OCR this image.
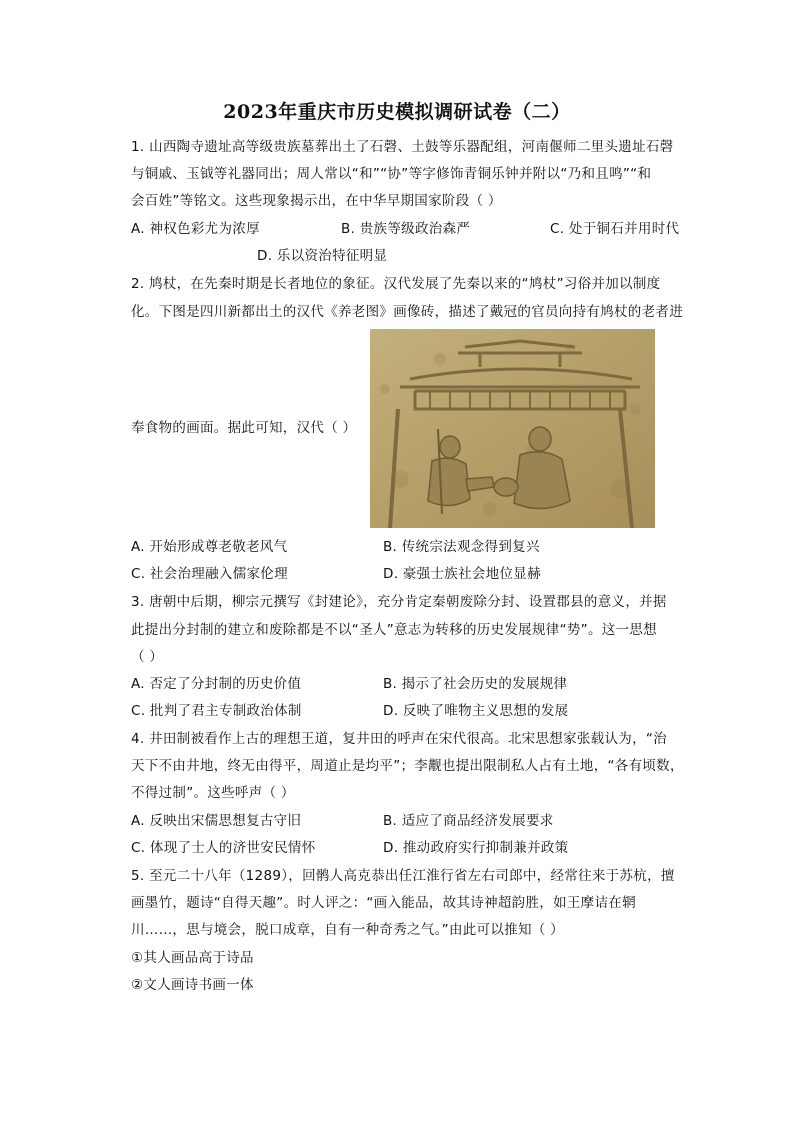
2023年重庆市历史模拟调研试卷（二）
1. 山西陶寺遗址高等级贵族墓葬出土了石磬、土鼓等乐器配组，河南偃师二里头遗址石磬
与铜戚、玉钺等礼器同出；周人常以“和”“协”等字修饰青铜乐钟并附以“乃和且鸣”“和
会百姓”等铭文。这些现象揭示出，在中华早期国家阶段（ ）
A. 神权色彩尤为浓厚	B. 贵族等级政治森严	C. 处于铜石并用时代
D. 乐以资治特征明显
2. 鸠杖，在先秦时期是长者地位的象征。汉代发展了先秦以来的“鸠杖”习俗并加以制度
化。下图是四川新都出土的汉代《养老图》画像砖，描述了戴冠的官员向持有鸠杖的老者进
奉食物的画面。据此可知，汉代（ ）
A. 开始形成尊老敬老风气	B. 传统宗法观念得到复兴
C. 社会治理融入儒家伦理	D. 豪强士族社会地位显赫
3. 唐朝中后期，柳宗元撰写《封建论》，充分肯定秦朝废除分封、设置郡县的意义，并据
此提出分封制的建立和废除都是不以“圣人”意志为转移的历史发展规律“势”。这一思想
（ ）
A. 否定了分封制的历史价值	B. 揭示了社会历史的发展规律
C. 批判了君主专制政治体制	D. 反映了唯物主义思想的发展
4. 井田制被看作上古的理想王道，复井田的呼声在宋代很高。北宋思想家张载认为，“治
天下不由井地，终无由得平，周道止是均平”；李觏也提出限制私人占有土地，“各有顷数，
不得过制”。这些呼声（ ）
A. 反映出宋儒思想复古守旧	B. 适应了商品经济发展要求
C. 体现了士人的济世安民情怀	D. 推动政府实行抑制兼并政策
5. 至元二十八年（1289），回鹘人高克恭出任江淮行省左右司郎中，经常往来于苏杭，擅
画墨竹，题诗“自得天趣”。时人评之：“画入能品，故其诗神超韵胜，如王摩诘在辋
川……，思与境会，脱口成章，自有一种奇秀之气。”由此可以推知（ ）
①其人画品高于诗品
②文人画诗书画一体
